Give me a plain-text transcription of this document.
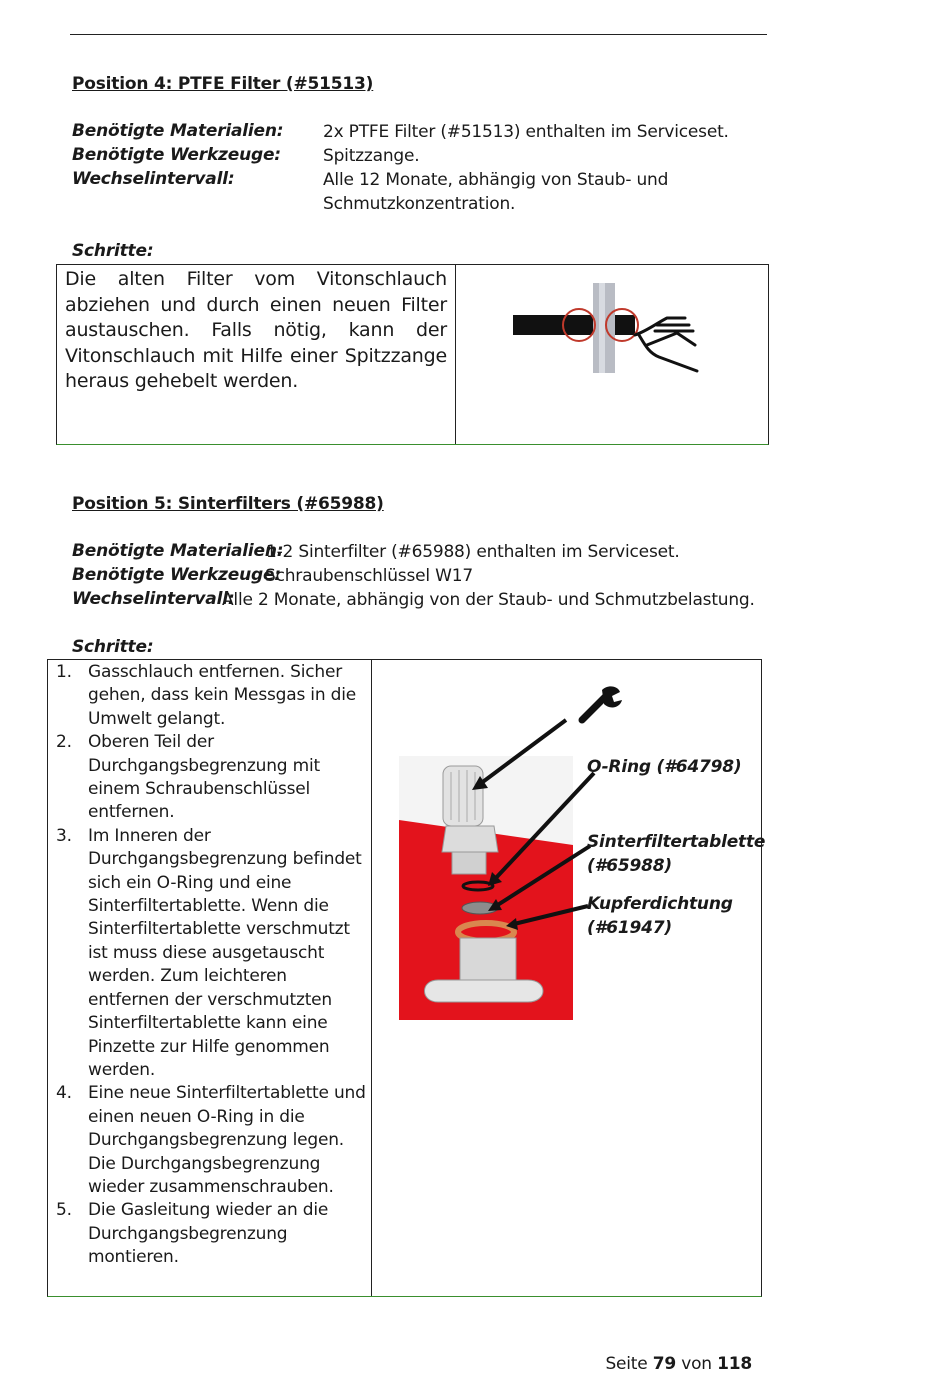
Position 4: PTFE Filter (#51513)
Benötigte Materialien: 2x PTFE Filter (#51513) enthalten im Serviceset.
Benötigte Werkzeuge: Spitzzange.
Wechselintervall:	Alle 12 Monate, abhängig von Staub- und
Schmutzkonzentration.
Schritte:
Die alten Filter vom Vitonschlauch abziehen und durch einen neuen Filter austauschen. Falls nötig, kann der Vitonschlauch mit Hilfe einer Spitzzange heraus gehebelt werden.
Position 5: Sinterfilters (#65988)
Benötigte Materialien:
1-2 Sinterfilter (#65988) enthalten im Serviceset.
Benötigte Werkzeuge:
Schraubenschlüssel W17
Wechselintervall:
Alle 2 Monate, abhängig von der Staub- und Schmutzbelastung.
Schritte:
1. Gasschlauch entfernen. Sicher gehen, dass kein Messgas in die Umwelt gelangt.
2. Oberen Teil der Durchgangsbegrenzung mit einem Schraubenschlüssel entfernen.
3. Im Inneren der Durchgangsbegrenzung befindet sich ein O-Ring und eine Sinterfiltertablette. Wenn die Sinterfiltertablette verschmutzt ist muss diese ausgetauscht werden. Zum leichteren entfernen der verschmutzten Sinterfiltertablette kann eine Pinzette zur Hilfe genommen werden.
4. Eine neue Sinterfiltertablette und einen neuen O-Ring in die Durchgangsbegrenzung legen. Die Durchgangsbegrenzung wieder zusammenschrauben.
5. Die Gasleitung wieder an die Durchgangsbegrenzung montieren.
O-Ring (#64798)
Sinterfiltertablette
(#65988)
Kupferdichtung
(#61947)
Seite 79 von 118
